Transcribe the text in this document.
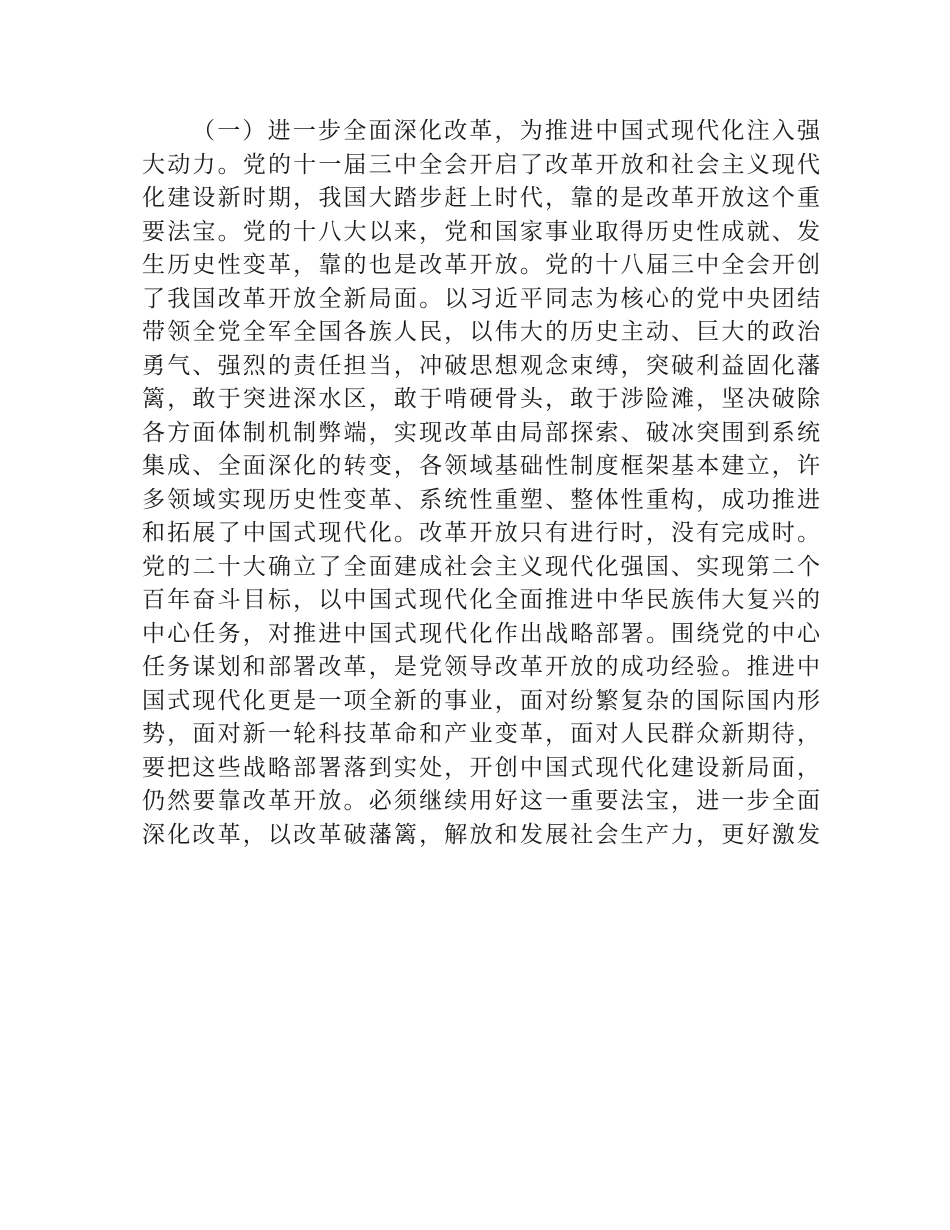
（一）进一步全面深化改革，为推进中国式现代化注入强
大动力。党的十一届三中全会开启了改革开放和社会主义现代
化建设新时期，我国大踏步赶上时代，靠的是改革开放这个重
要法宝。党的十八大以来，党和国家事业取得历史性成就、发
生历史性变革，靠的也是改革开放。党的十八届三中全会开创
了我国改革开放全新局面。以习近平同志为核心的党中央团结
带领全党全军全国各族人民，以伟大的历史主动、巨大的政治
勇气、强烈的责任担当，冲破思想观念束缚，突破利益固化藩
篱，敢于突进深水区，敢于啃硬骨头，敢于涉险滩，坚决破除
各方面体制机制弊端，实现改革由局部探索、破冰突围到系统
集成、全面深化的转变，各领域基础性制度框架基本建立，许
多领域实现历史性变革、系统性重塑、整体性重构，成功推进
和拓展了中国式现代化。改革开放只有进行时，没有完成时。
党的二十大确立了全面建成社会主义现代化强国、实现第二个
百年奋斗目标，以中国式现代化全面推进中华民族伟大复兴的
中心任务，对推进中国式现代化作出战略部署。围绕党的中心
任务谋划和部署改革，是党领导改革开放的成功经验。推进中
国式现代化更是一项全新的事业，面对纷繁复杂的国际国内形
势，面对新一轮科技革命和产业变革，面对人民群众新期待，
要把这些战略部署落到实处，开创中国式现代化建设新局面，
仍然要靠改革开放。必须继续用好这一重要法宝，进一步全面
深化改革，以改革破藩篱，解放和发展社会生产力，更好激发
